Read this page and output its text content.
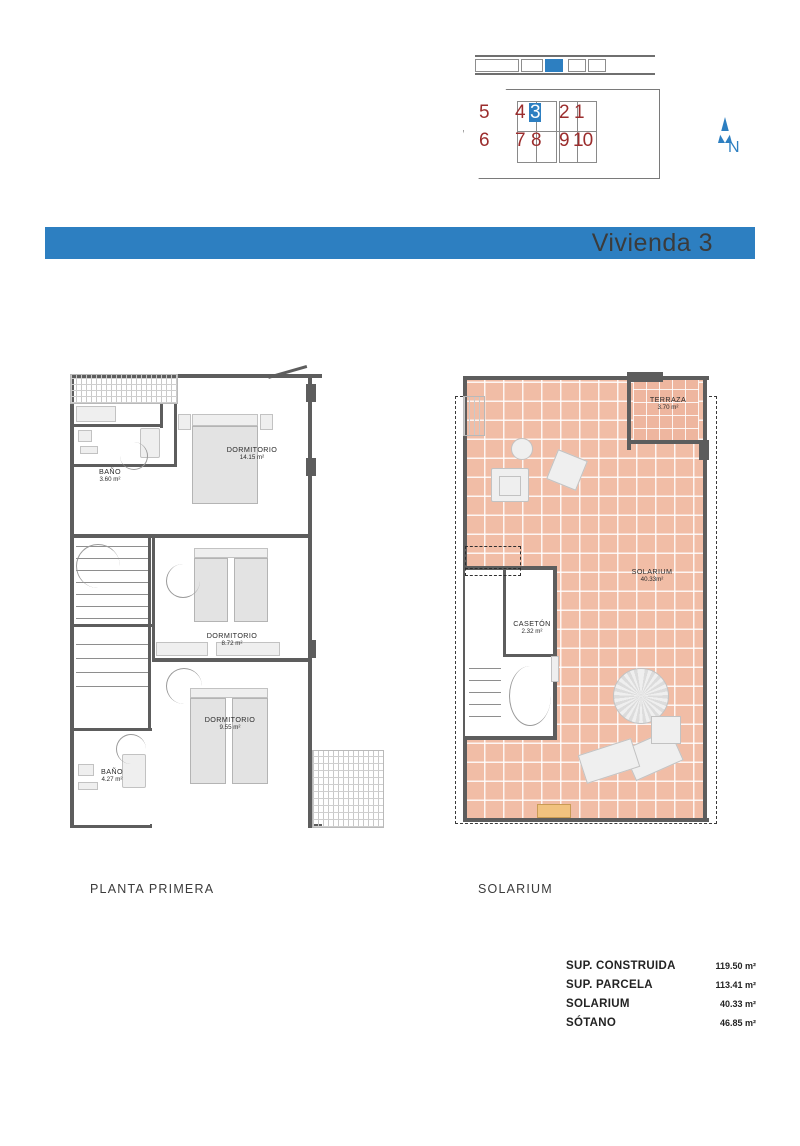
5 4 3 2 1
6 7 8 9 10	N
Vivienda 3
DORMITORIO
14.15 m²
BAÑO
3.60 m²
DORMITORIO
8.72 m²
DORMITORIO
9.55 m²
BAÑO
4.27 m²
TERRAZA
3.70 m²
CASETÓN
2.32 m²
SOLARIUM
40.33m²
PLANTA PRIMERA	SOLARIUM
SUP. CONSTRUIDA	119.50 m²
SUP. PARCELA	113.41 m²
SOLARIUM	40.33 m²
SÓTANO	46.85 m²
